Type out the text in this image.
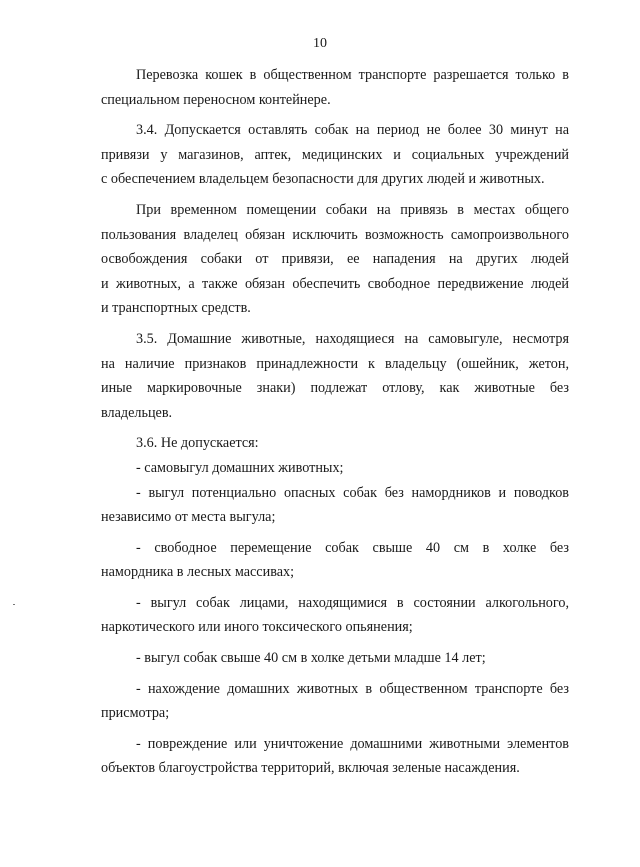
10
Перевозка кошек в общественном транспорте разрешается только в
специальном переносном контейнере.
3.4. Допускается оставлять собак на период не более 30 минут на
привязи у магазинов, аптек, медицинских и социальных учреждений
с обеспечением владельцем безопасности для других людей и животных.
При временном помещении собаки на привязь в местах общего
пользования владелец обязан исключить возможность самопроизвольного
освобождения собаки от привязи, ее нападения на других людей
и животных, а также обязан обеспечить свободное передвижение людей
и транспортных средств.
3.5. Домашние животные, находящиеся на самовыгуле, несмотря
на наличие признаков принадлежности к владельцу (ошейник, жетон,
иные маркировочные знаки) подлежат отлову, как животные без
владельцев.
3.6. Не допускается:
- самовыгул домашних животных;
- выгул потенциально опасных собак без намордников и поводков
независимо от места выгула;
- свободное перемещение собак свыше 40 см в холке без
намордника в лесных массивах;
- выгул собак лицами, находящимися в состоянии алкогольного,
наркотического или иного токсического опьянения;
- выгул собак свыше 40 см в холке детьми младше 14 лет;
- нахождение домашних животных в общественном транспорте без
присмотра;
- повреждение или уничтожение домашними животными элементов
объектов благоустройства территорий, включая зеленые насаждения.
